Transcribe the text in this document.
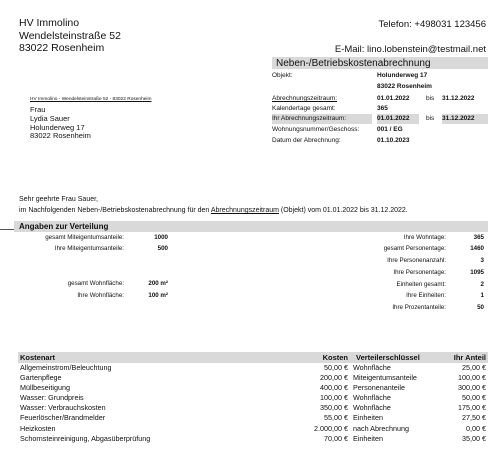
HV Immolino
Wendelsteinstraße 52
83022 Rosenheim
Telefon: +498031 123456
E-Mail: lino.lobenstein@testmail.net
Neben-/Betriebskostenabrechnung
Objekt:	Holunderweg 17
83022 Rosenheim
Abrechnungszeitraum:	01.01.2022	bis 31.12.2022
Kalendertage gesamt:	365
Ihr Abrechnungszeitraum:	01.01.2022	bis 31.12.2022
Wohnungsnummer/Geschoss:	001 / EG
Datum der Abrechnung:	01.10.2023
HV Immolino - Wendelsteinstraße 52 - 83022 Rosenheim
Frau
Lydia Sauer
Holunderweg 17
83022 Rosenheim
Sehr geehrte Frau Sauer,
im Nachfolgenden Neben-/Betriebskostenabrechnung für den Abrechnungszeitraum (Objekt) vom 01.01.2022 bis 31.12.2022.
Angaben zur Verteilung
gesamt Miteigentumsanteile:	1000
Ihre Miteigentumsanteile:	500
gesamt Wohnfläche:	200 m²
Ihre Wohnfläche:	100 m²
Ihre Wohntage:	365
gesamt Personentage:	1460
Ihre Personenanzahl:	3
Ihre Personentage:	1095
Einheiten gesamt:	2
Ihre Einheiten:	1
Ihre Prozentanteile:	50
Kostenart	Kosten Verteilerschlüssel	Ihr Anteil
Allgemeinstrom/Beleuchtung	50,00 € Wohnfläche	25,00 €
Gartenpflege	200,00 € Miteigentumsanteile	100,00 €
Müllbeseitigung	400,00 € Personenanteile	300,00 €
Wasser: Grundpreis	100,00 € Wohnfläche	50,00 €
Wasser: Verbrauchskosten	350,00 € Wohnfläche	175,00 €
Feuerlöscher/Brandmelder	55,00 € Einheiten	27,50 €
Heizkosten	2.000,00 € nach Abrechnung	0,00 €
Schornsteinreinigung, Abgasüberprüfung	70,00 € Einheiten	35,00 €
